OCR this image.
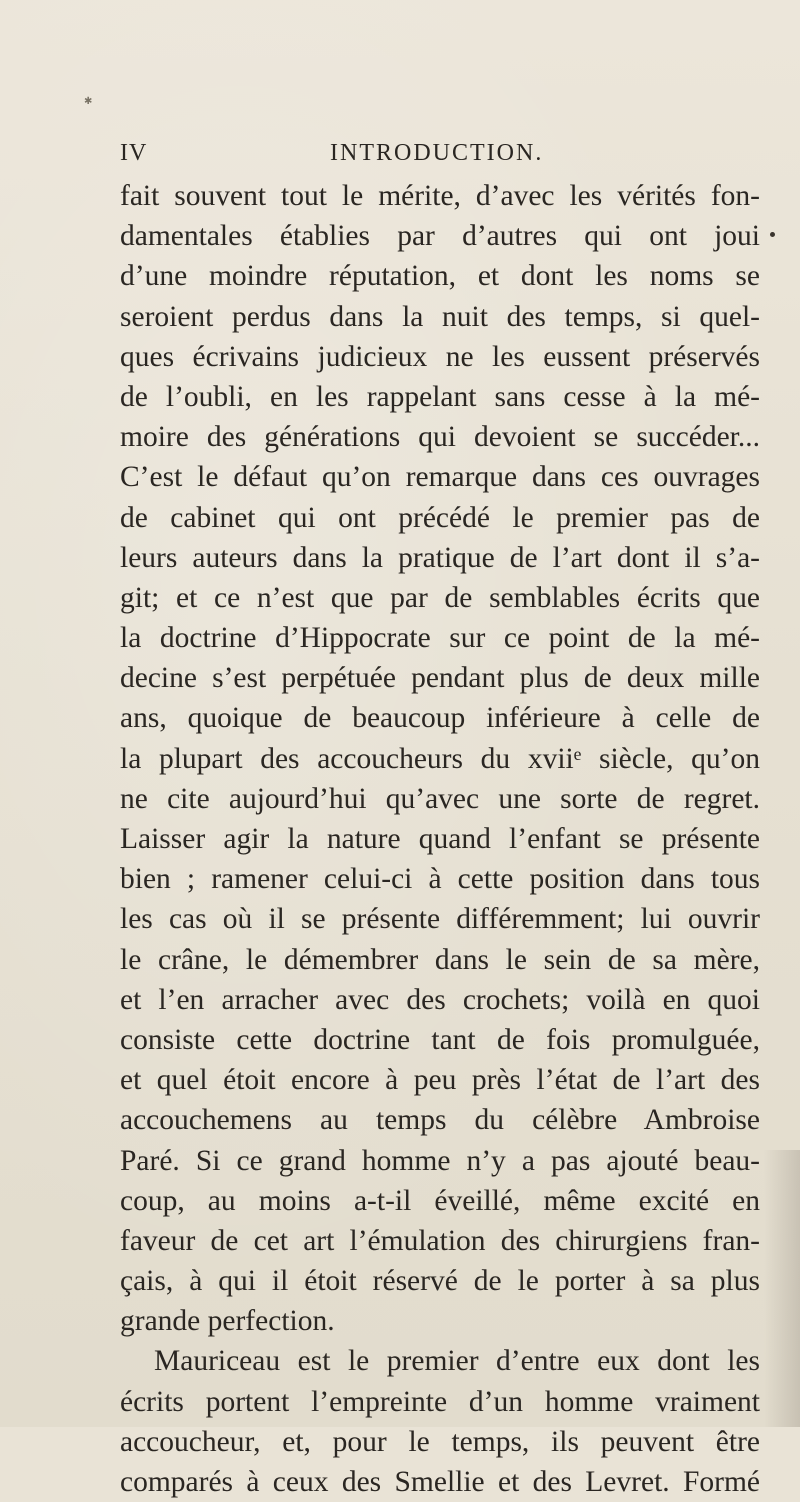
✱
IV	INTRODUCTION.
fait souvent tout le mérite, d’avec les vérités fon-
damentales établies par d’autres qui ont joui
d’une moindre réputation, et dont les noms se
seroient perdus dans la nuit des temps, si quel-
ques écrivains judicieux ne les eussent préservés
de l’oubli, en les rappelant sans cesse à la mé-
moire des générations qui devoient se succéder...
C’est le défaut qu’on remarque dans ces ouvrages
de cabinet qui ont précédé le premier pas de
leurs auteurs dans la pratique de l’art dont il s’a-
git; et ce n’est que par de semblables écrits que
la doctrine d’Hippocrate sur ce point de la mé-
decine s’est perpétuée pendant plus de deux mille
ans, quoique de beaucoup inférieure à celle de
la plupart des accoucheurs du xviiᵉ siècle, qu’on
ne cite aujourd’hui qu’avec une sorte de regret.
Laisser agir la nature quand l’enfant se présente
bien ; ramener celui-ci à cette position dans tous
les cas où il se présente différemment; lui ouvrir
le crâne, le démembrer dans le sein de sa mère,
et l’en arracher avec des crochets; voilà en quoi
consiste cette doctrine tant de fois promulguée,
et quel étoit encore à peu près l’état de l’art des
accouchemens au temps du célèbre Ambroise
Paré. Si ce grand homme n’y a pas ajouté beau-
coup, au moins a-t-il éveillé, même excité en
faveur de cet art l’émulation des chirurgiens fran-
çais, à qui il étoit réservé de le porter à sa plus
grande perfection.
Mauriceau est le premier d’entre eux dont les
écrits portent l’empreinte d’un homme vraiment
accoucheur, et, pour le temps, ils peuvent être
comparés à ceux des Smellie et des Levret. Formé
